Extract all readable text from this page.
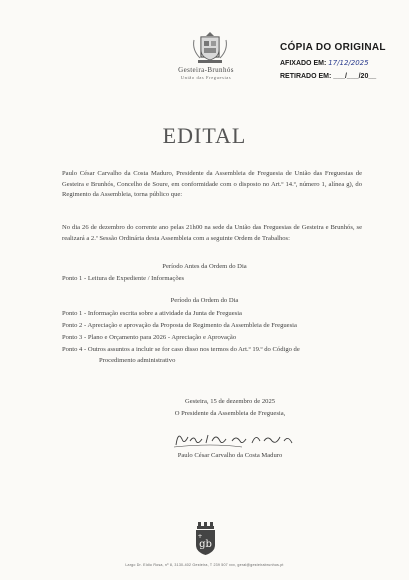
Gesteira-Brunhós
União das Freguesias
CÓPIA DO ORIGINAL
AFIXADO EM: 17/12/2025
RETIRADO EM: ___/___/20__
EDITAL
Paulo César Carvalho da Costa Maduro, Presidente da Assembleia de Freguesia de União das Freguesias de Gesteira e Brunhós, Concelho de Soure, em conformidade com o disposto no Art.º 14.º, número 1, alínea g), do Regimento da Assembleia, torna público que:
No dia 26 de dezembro do corrente ano pelas 21h00 na sede da União das Freguesias de Gesteira e Brunhós, se realizará a 2.ª Sessão Ordinária desta Assembleia com a seguinte Ordem de Trabalhos:
Período Antes da Ordem do Dia
Ponto 1 - Leitura de Expediente / Informações
Período da Ordem do Dia
Ponto 1 - Informação escrita sobre a atividade da Junta de Freguesia
Ponto 2 - Apreciação e aprovação da Proposta de Regimento da Assembleia de Freguesia
Ponto 3 - Plano e Orçamento para 2026 - Apreciação e Aprovação
Ponto 4 - Outros assuntos a incluir se for caso disso nos termos do Art.º 19.º do Código de
Procedimento administrativo
Gesteira, 15 de dezembro de 2025
O Presidente da Assembleia de Freguesia,
Paulo César Carvalho da Costa Maduro
gb
+
Largo Dr. Eldio Rosa, nº 8, 3130-402 Gesteira, T 239 507 xxx, geral@gesteirabrunhos.pt
